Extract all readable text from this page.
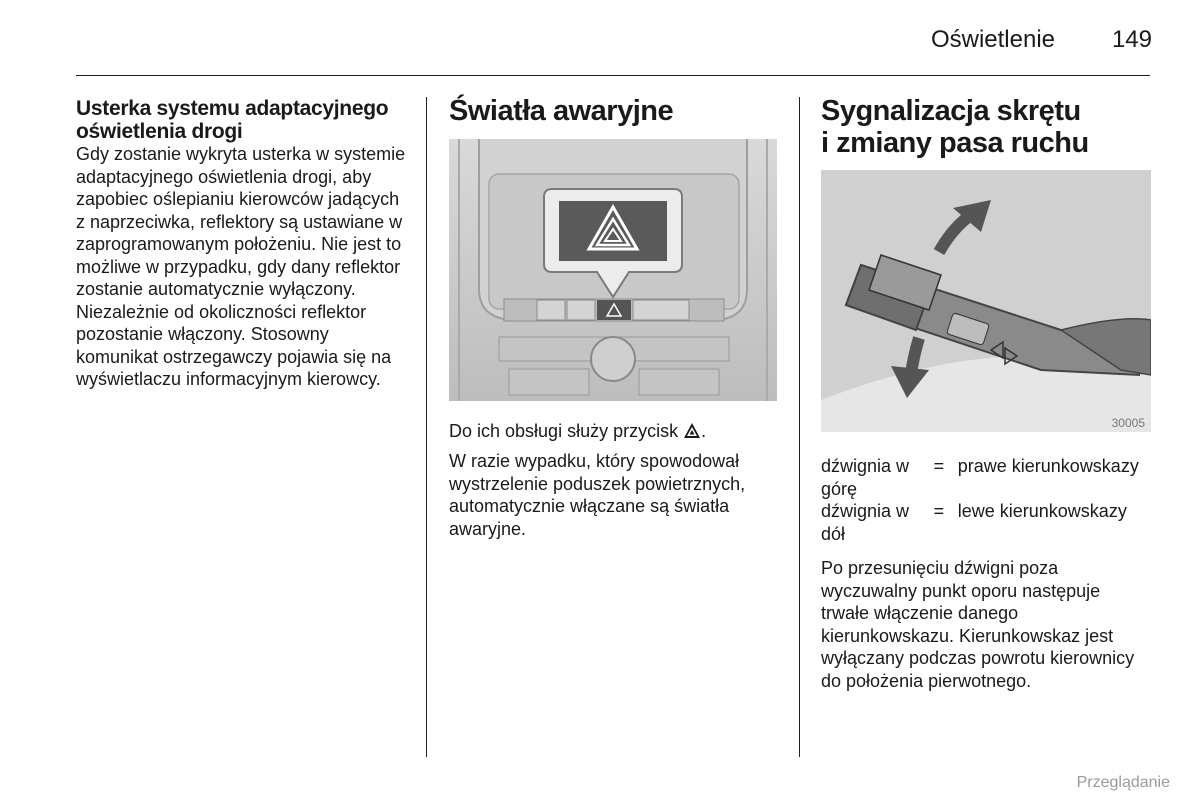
Oświetlenie	149
Usterka systemu adaptacyjnego oświetlenia drogi

Gdy zostanie wykryta usterka w systemie adaptacyjnego oświetlenia drogi, aby zapobiec oślepianiu kierowców jadących z naprzeciwka, reflektory są ustawiane w zaprogramowanym położeniu. Nie jest to możliwe w przypadku, gdy dany reflektor zostanie automatycznie wyłączony. Niezależnie od okoliczności reflektor pozostanie włączony. Stosowny komunikat ostrzegawczy pojawia się na wyświetlaczu informacyjnym kierowcy.

Światła awaryjne
Do ich obsługi służy przycisk .
W razie wypadku, który spowodował wystrzelenie poduszek powietrznych, automatycznie włączane są światła awaryjne.
Sygnalizacja skrętu
i zmiany pasa ruchu
30005
dźwignia w górę
= prawe kierunkowskazy
dźwignia w dół
= lewe kierunkowskazy
Po przesunięciu dźwigni poza wyczuwalny punkt oporu następuje trwałe włączenie danego kierunkowskazu. Kierunkowskaz jest wyłączany podczas powrotu kierownicy do położenia pierwotnego.
Przeglądanie
